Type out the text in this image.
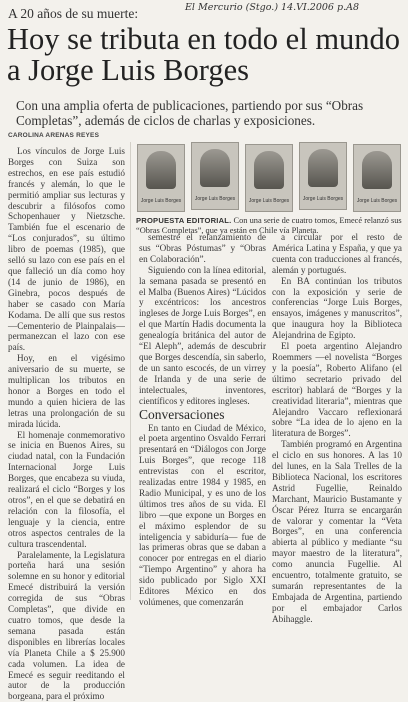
El Mercurio (Stgo.) 14.VI.2006 p.A8
A 20 años de su muerte:
Hoy se tributa en todo el mundo a Jorge Luis Borges
Con una amplia oferta de publicaciones, partiendo por sus “Obras Completas”, además de ciclos de charlas y exposiciones.
CAROLINA ARENAS REYES

Los vínculos de Jorge Luis Borges con Suiza son estrechos, en ese país estudió francés y alemán, lo que le permitió ampliar sus lecturas y descubrir a filósofos como Schopenhauer y Nietzsche. También fue el escenario de “Los conjurados”, su último libro de poemas (1985), que selló su lazo con ese país en el que falleció un día como hoy (14 de junio de 1986), en Ginebra, pocos después de haber se casado con María Kodama. De allí que sus restos —Cementerio de Plainpalais— permanezcan el lazo con ese país.

Hoy, en el vigésimo aniversario de su muerte, se multiplican los tributos en honor a Borges en todo el mundo a quien hiciera de las letras una prolongación de su mirada lúcida.

El homenaje conmemorativo se inicia en Buenos Aires, su ciudad natal, con la Fundación Internacional Jorge Luis Borges, que encabeza su viuda, realizará el ciclo “Borges y los otros”, en el que se debatirá en relación con la filosofía, el lenguaje y la ciencia, entre otros aspectos centrales de la cultura trascendental.

Paralelamente, la Legislatura porteña hará una sesión solemne en su honor y editorial Emecé distribuirá la versión corregida de sus “Obras Completas”, que divide en cuatro tomos, que desde la semana pasada están disponibles en librerías locales vía Planeta Chile a $ 25.900 cada volumen. La idea de Emecé es seguir reeditando el autor de la producción borgeana, para el próximo

Jorge Luis Borges	Jorge Luis Borges	Jorge Luis Borges	Jorge Luis Borges	Jorge Luis Borges
PROPUESTA EDITORIAL. Con una serie de cuatro tomos, Emecé relanzó sus “Obras Completas”, que ya están en Chile vía Planeta.

semestre el relanzamiento de sus “Obras Póstumas” y “Obras en Colaboración”.

Siguiendo con la línea editorial, la semana pasada se presentó en el Malba (Buenos Aires) “Lúcidos y excéntricos: los ancestros ingleses de Jorge Luis Borges”, en el que Martín Hadis documenta la genealogía británica del autor de “El Aleph”, además de descubrir que Borges descendía, sin saberlo, de un santo escocés, de un virrey de Irlanda y de una serie de intelectuales, inventores, científicos y editores ingleses.

Conversaciones

En tanto en Ciudad de México, el poeta argentino Osvaldo Ferrari presentará en “Diálogos con Jorge Luis Borges”, que recoge 118 entrevistas con el escritor, realizadas entre 1984 y 1985, en Radio Municipal, y es uno de los últimos tres años de su vida. El libro —que expone un Borges en el máximo esplendor de su inteligencia y sabiduría— fue de las primeras obras que se daban a conocer por entregas en el diario “Tiempo Argentino” y ahora ha sido publicado por Siglo XXI Editores México en dos volúmenes, que comenzarán

a circular por el resto de América Latina y España, y que ya cuenta con traducciones al francés, alemán y portugués.

En BA continúan los tributos con la exposición y serie de conferencias “Jorge Luis Borges, ensayos, imágenes y manuscritos”, que inaugura hoy la Biblioteca Alejandrina de Egipto.

El poeta argentino Alejandro Roemmers —el novelista “Borges y la poesía”, Roberto Alifano (el último secretario privado del escritor) hablará de “Borges y la creatividad literaria”, mientras que Alejandro Vaccaro reflexionará sobre “La idea de lo ajeno en la literatura de Borges”.

También programó en Argentina el ciclo en sus honores. A las 10 del lunes, en la Sala Trelles de la Biblioteca Nacional, los escritores Astrid Fugellie, Reinaldo Marchant, Mauricio Bustamante y Óscar Pérez Iturra se encargarán de valorar y comentar la “Veta Borges”, en una conferencia abierta al público y mediante “su mayor maestro de la literatura”, como anuncia Fugellie. Al encuentro, totalmente gratuito, se sumarán representantes de la Embajada de Argentina, partiendo por el embajador Carlos Abihaggle.
